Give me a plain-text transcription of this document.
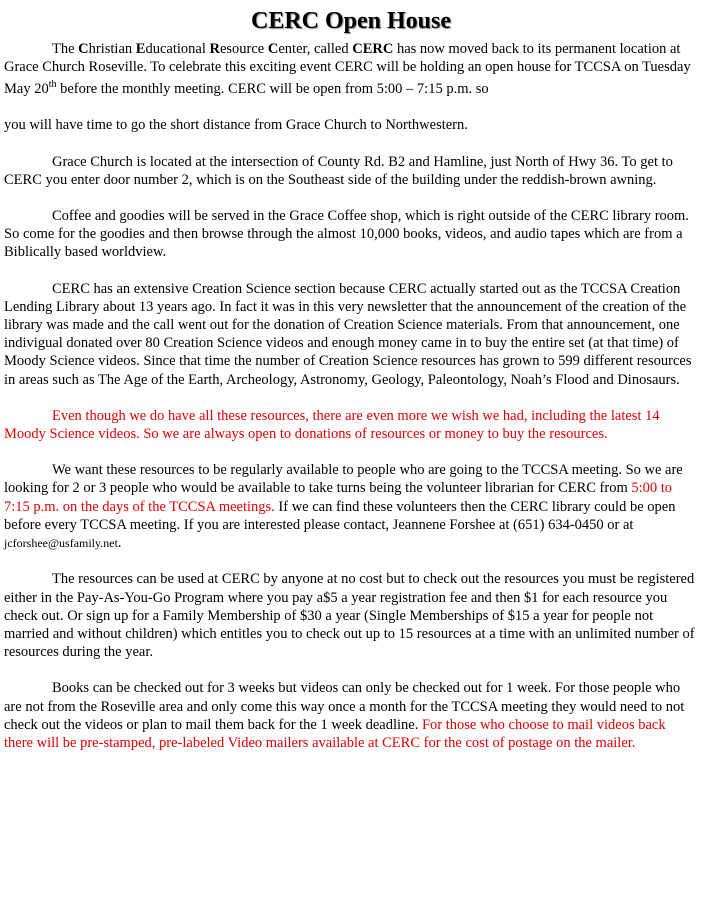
CERC Open House

The Christian Educational Resource Center, called CERC has now moved back to its permanent location at Grace Church Roseville. To celebrate this exciting event CERC will be holding an open house for TCCSA on Tuesday May 20th before the monthly meeting. CERC will be open from 5:00 – 7:15 p.m. so

you will have time to go the short distance from Grace Church to Northwestern.

Grace Church is located at the intersection of County Rd. B2 and Hamline, just North of Hwy 36. To get to CERC you enter door number 2, which is on the Southeast side of the building under the reddish-brown awning.

Coffee and goodies will be served in the Grace Coffee shop, which is right outside of the CERC library room. So come for the goodies and then browse through the almost 10,000 books, videos, and audio tapes which are from a Biblically based worldview.

CERC has an extensive Creation Science section because CERC actually started out as the TCCSA Creation Lending Library about 13 years ago. In fact it was in this very newsletter that the announcement of the creation of the library was made and the call went out for the donation of Creation Science materials. From that announcement, one indivigual donated over 80 Creation Science videos and enough money came in to buy the entire set (at that time) of Moody Science videos. Since that time the number of Creation Science resources has grown to 599 different resources in areas such as The Age of the Earth, Archeology, Astronomy, Geology, Paleontology, Noah’s Flood and Dinosaurs.

Even though we do have all these resources, there are even more we wish we had, including the latest 14 Moody Science videos. So we are always open to donations of resources or money to buy the resources.

We want these resources to be regularly available to people who are going to the TCCSA meeting. So we are looking for 2 or 3 people who would be available to take turns being the volunteer librarian for CERC from 5:00 to 7:15 p.m. on the days of the TCCSA meetings. If we can find these volunteers then the CERC library could be open before every TCCSA meeting. If you are interested please contact, Jeannene Forshee at (651) 634-0450 or at jcforshee@usfamily.net.

The resources can be used at CERC by anyone at no cost but to check out the resources you must be registered either in the Pay-As-You-Go Program where you pay a$5 a year registration fee and then $1 for each resource you check out. Or sign up for a Family Membership of $30 a year (Single Memberships of $15 a year for people not married and without children) which entitles you to check out up to 15 resources at a time with an unlimited number of resources during the year.

Books can be checked out for 3 weeks but videos can only be checked out for 1 week. For those people who are not from the Roseville area and only come this way once a month for the TCCSA meeting they would need to not check out the videos or plan to mail them back for the 1 week deadline. For those who choose to mail videos back there will be pre-stamped, pre-labeled Video mailers available at CERC for the cost of postage on the mailer.
